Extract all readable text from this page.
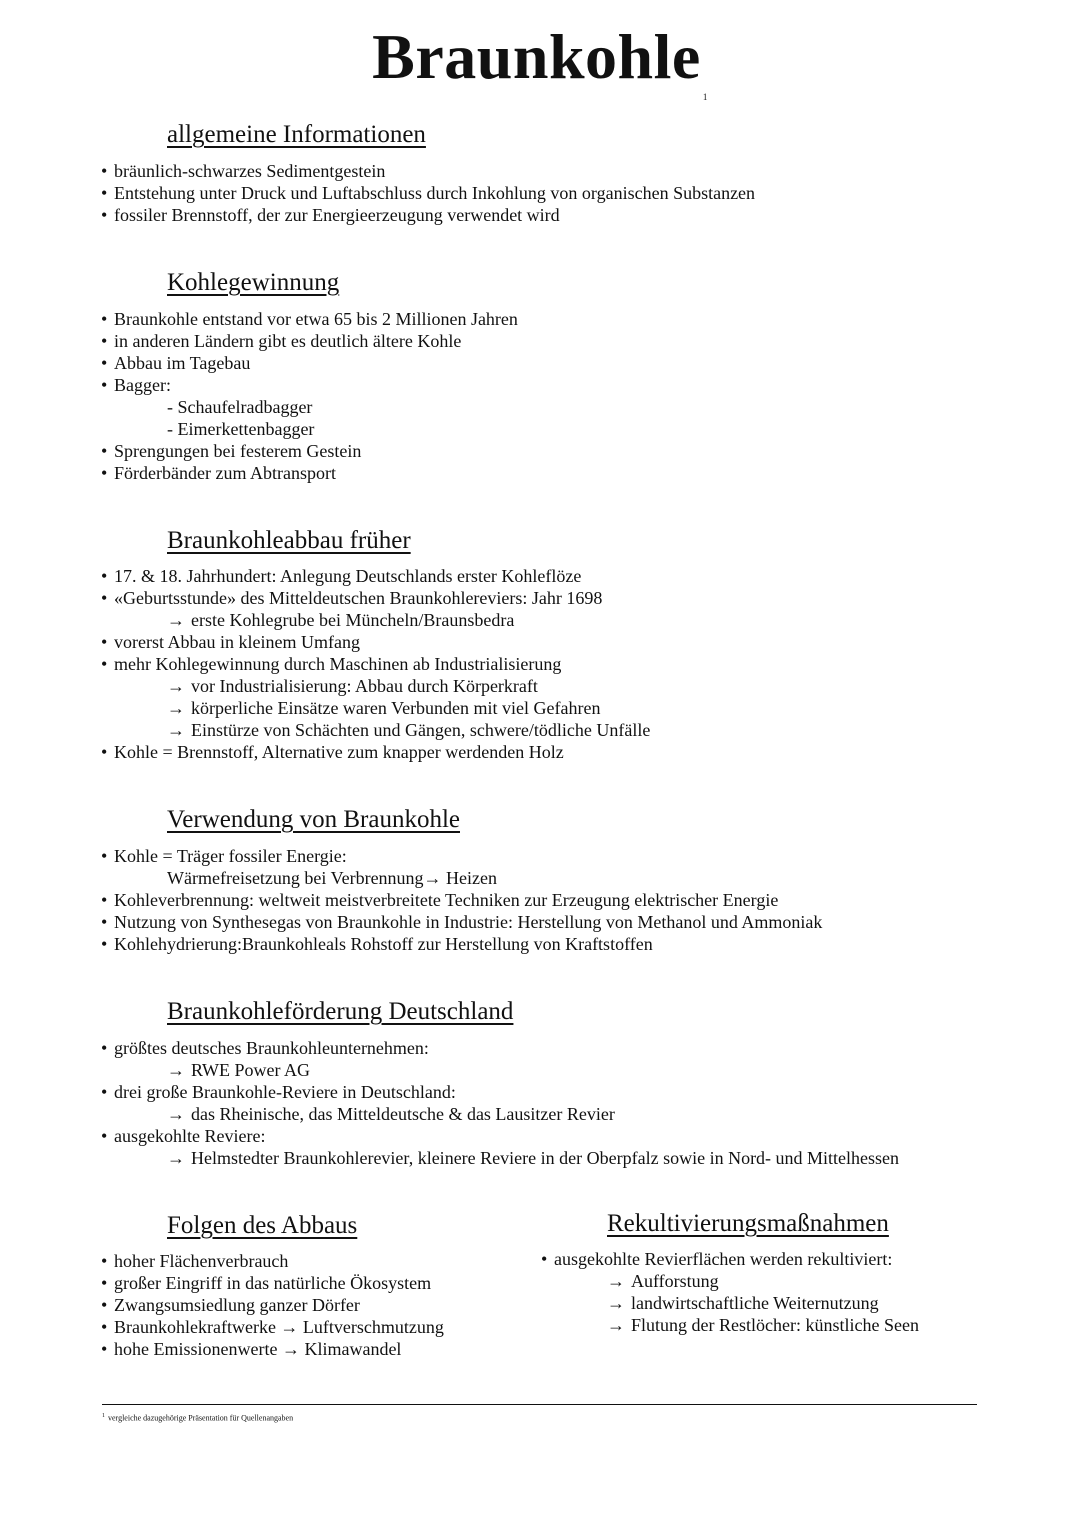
Braunkohle$^1$
allgemeine Informationen
• bräunlich-schwarzes Sedimentgestein
• Entstehung unter Druck und Luftabschluss durch Inkohlung von organischen Substanzen
• fossiler Brennstoff, der zur Energieerzeugung verwendet wird
Kohlegewinnung
• Braunkohle entstand vor etwa 65 bis 2 Millionen Jahren
• in anderen Ländern gibt es deutlich ältere Kohle
• Abbau im Tagebau
• Bagger:
- Schaufelradbagger
- Eimerkettenbagger
• Sprengungen bei festerem Gestein
• Förderbänder zum Abtransport
Braunkohleabbau früher
• 17. & 18. Jahrhundert: Anlegung Deutschlands erster Kohleflöze
• «Geburtsstunde» des Mitteldeutschen Braunkohlereviers: Jahr 1698
→ erste Kohlegrube bei Müncheln/Braunsbedra
• vorerst Abbau in kleinem Umfang
• mehr Kohlegewinnung durch Maschinen ab Industrialisierung
→ vor Industrialisierung: Abbau durch Körperkraft
→ körperliche Einsätze waren Verbunden mit viel Gefahren
→ Einstürze von Schächten und Gängen, schwere/tödliche Unfälle
• Kohle = Brennstoff, Alternative zum knapper werdenden Holz
Verwendung von Braunkohle
• Kohle = Träger fossiler Energie:
Wärmefreisetzung bei Verbrennung→ Heizen
• Kohleverbrennung: weltweit meistverbreitete Techniken zur Erzeugung elektrischer Energie
• Nutzung von Synthesegas von Braunkohle in Industrie: Herstellung von Methanol und Ammoniak
• Kohlehydrierung:Braunkohleals Rohstoff zur Herstellung von Kraftstoffen
Braunkohleförderung Deutschland
• größtes deutsches Braunkohleunternehmen:
→ RWE Power AG
• drei große Braunkohle-Reviere in Deutschland:
→ das Rheinische, das Mitteldeutsche & das Lausitzer Revier
• ausgekohlte Reviere:
→ Helmstedter Braunkohlerevier, kleinere Reviere in der Oberpfalz sowie in Nord- und Mittelhessen
Folgen des Abbaus
• hoher Flächenverbrauch
• großer Eingriff in das natürliche Ökosystem
• Zwangsumsiedlung ganzer Dörfer
• Braunkohlekraftwerke → Luftverschmutzung
• hohe Emissionenwerte → Klimawandel
Rekultivierungsmaßnahmen
• ausgekohlte Revierflächen werden rekultiviert:
→ Aufforstung
→ landwirtschaftliche Weiternutzung
→ Flutung der Restlöcher: künstliche Seen
$^1$ vergleiche dazugehörige Präsentation für Quellenangaben
